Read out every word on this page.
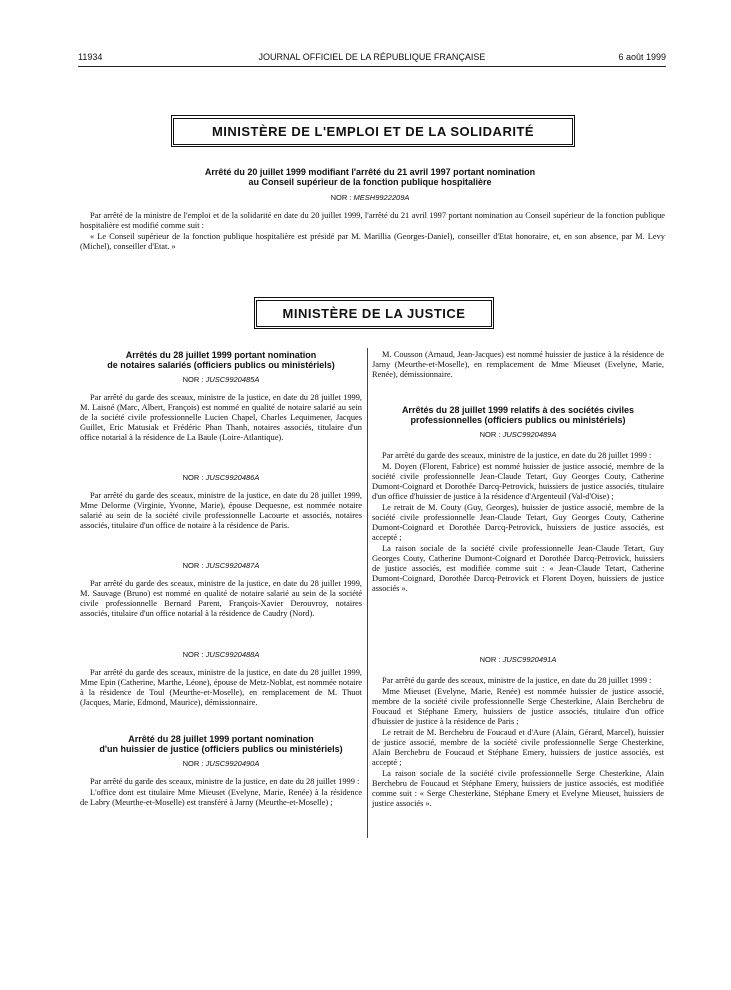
11934	JOURNAL OFFICIEL DE LA RÉPUBLIQUE FRANÇAISE	6 août 1999
MINISTÈRE DE L'EMPLOI ET DE LA SOLIDARITÉ
Arrêté du 20 juillet 1999 modifiant l'arrêté du 21 avril 1997 portant nomination
au Conseil supérieur de la fonction publique hospitalière
NOR : MESH9922209A

Par arrêté de la ministre de l'emploi et de la solidarité en date du 20 juillet 1999, l'arrêté du 21 avril 1997 portant nomination au Conseil supérieur de la fonction publique hospitalière est modifié comme suit :

« Le Conseil supérieur de la fonction publique hospitalière est présidé par M. Marillia (Georges-Daniel), conseiller d'Etat honoraire, et, en son absence, par M. Levy (Michel), conseiller d'Etat. »

MINISTÈRE DE LA JUSTICE
Arrêtés du 28 juillet 1999 portant nomination
de notaires salariés (officiers publics ou ministériels)
NOR : JUSC9920485A

Par arrêté du garde des sceaux, ministre de la justice, en date du 28 juillet 1999, M. Laisné (Marc, Albert, François) est nommé en qualité de notaire salarié au sein de la société civile professionnelle Lucien Chapel, Charles Lequimener, Jacques Guillet, Eric Matusiak et Frédéric Phan Thanh, notaires associés, titulaire d'un office notarial à la résidence de La Baule (Loire-Atlantique).

NOR : JUSC9920486A

Par arrêté du garde des sceaux, ministre de la justice, en date du 28 juillet 1999, Mme Delorme (Virginie, Yvonne, Marie), épouse Dequesne, est nommée notaire salarié au sein de la société civile professionnelle Lacourte et associés, notaires associés, titulaire d'un office de notaire à la résidence de Paris.

NOR : JUSC9920487A

Par arrêté du garde des sceaux, ministre de la justice, en date du 28 juillet 1999, M. Sauvage (Bruno) est nommé en qualité de notaire salarié au sein de la société civile professionnelle Bernard Parent, François-Xavier Derouvroy, notaires associés, titulaire d'un office notarial à la résidence de Caudry (Nord).

NOR : JUSC9920488A

Par arrêté du garde des sceaux, ministre de la justice, en date du 28 juillet 1999, Mme Epin (Catherine, Marthe, Léone), épouse de Metz-Noblat, est nommée notaire à la résidence de Toul (Meurthe-et-Moselle), en remplacement de M. Thuot (Jacques, Marie, Edmond, Maurice), démissionnaire.

Arrêté du 28 juillet 1999 portant nomination
d'un huissier de justice (officiers publics ou ministériels)
NOR : JUSC9920490A

Par arrêté du garde des sceaux, ministre de la justice, en date du 28 juillet 1999 :

L'office dont est titulaire Mme Mieuset (Evelyne, Marie, Renée) à la résidence de Labry (Meurthe-et-Moselle) est transféré à Jarny (Meurthe-et-Moselle) ;

M. Cousson (Arnaud, Jean-Jacques) est nommé huissier de justice à la résidence de Jarny (Meurthe-et-Moselle), en remplacement de Mme Mieuset (Evelyne, Marie, Renée), démissionnaire.

Arrêtés du 28 juillet 1999 relatifs à des sociétés civiles
professionnelles (officiers publics ou ministériels)
NOR : JUSC9920489A

Par arrêté du garde des sceaux, ministre de la justice, en date du 28 juillet 1999 :

M. Doyen (Florent, Fabrice) est nommé huissier de justice associé, membre de la société civile professionnelle Jean-Claude Tetart, Guy Georges Couty, Catherine Dumont-Coignard et Dorothée Darcq-Petrovick, huissiers de justice associés, titulaire d'un office d'huissier de justice à la résidence d'Argenteuil (Val-d'Oise) ;

Le retrait de M. Couty (Guy, Georges), huissier de justice associé, membre de la société civile professionnelle Jean-Claude Tetart, Guy Georges Couty, Catherine Dumont-Coignard et Dorothée Darcq-Petrovick, huissiers de justice associés, est accepté ;

La raison sociale de la société civile professionnelle Jean-Claude Tetart, Guy Georges Couty, Catherine Dumont-Coignard et Dorothée Darcq-Petrovick, huissiers de justice associés, est modifiée comme suit : « Jean-Claude Tetart, Catherine Dumont-Coignard, Dorothée Darcq-Petrovick et Florent Doyen, huissiers de justice associés ».

NOR : JUSC9920491A

Par arrêté du garde des sceaux, ministre de la justice, en date du 28 juillet 1999 :

Mme Mieuset (Evelyne, Marie, Renée) est nommée huissier de justice associé, membre de la société civile professionnelle Serge Chesterkine, Alain Berchebru de Foucaud et Stéphane Emery, huissiers de justice associés, titulaire d'un office d'huissier de justice à la résidence de Paris ;

Le retrait de M. Berchebru de Foucaud et d'Aure (Alain, Gérard, Marcel), huissier de justice associé, membre de la société civile professionnelle Serge Chesterkine, Alain Berchebru de Foucaud et Stéphane Emery, huissiers de justice associés, est accepté ;

La raison sociale de la société civile professionnelle Serge Chesterkine, Alain Berchebru de Foucaud et Stéphane Emery, huissiers de justice associés, est modifiée comme suit : « Serge Chesterkine, Stéphane Emery et Evelyne Mieuset, huissiers de justice associés ».
